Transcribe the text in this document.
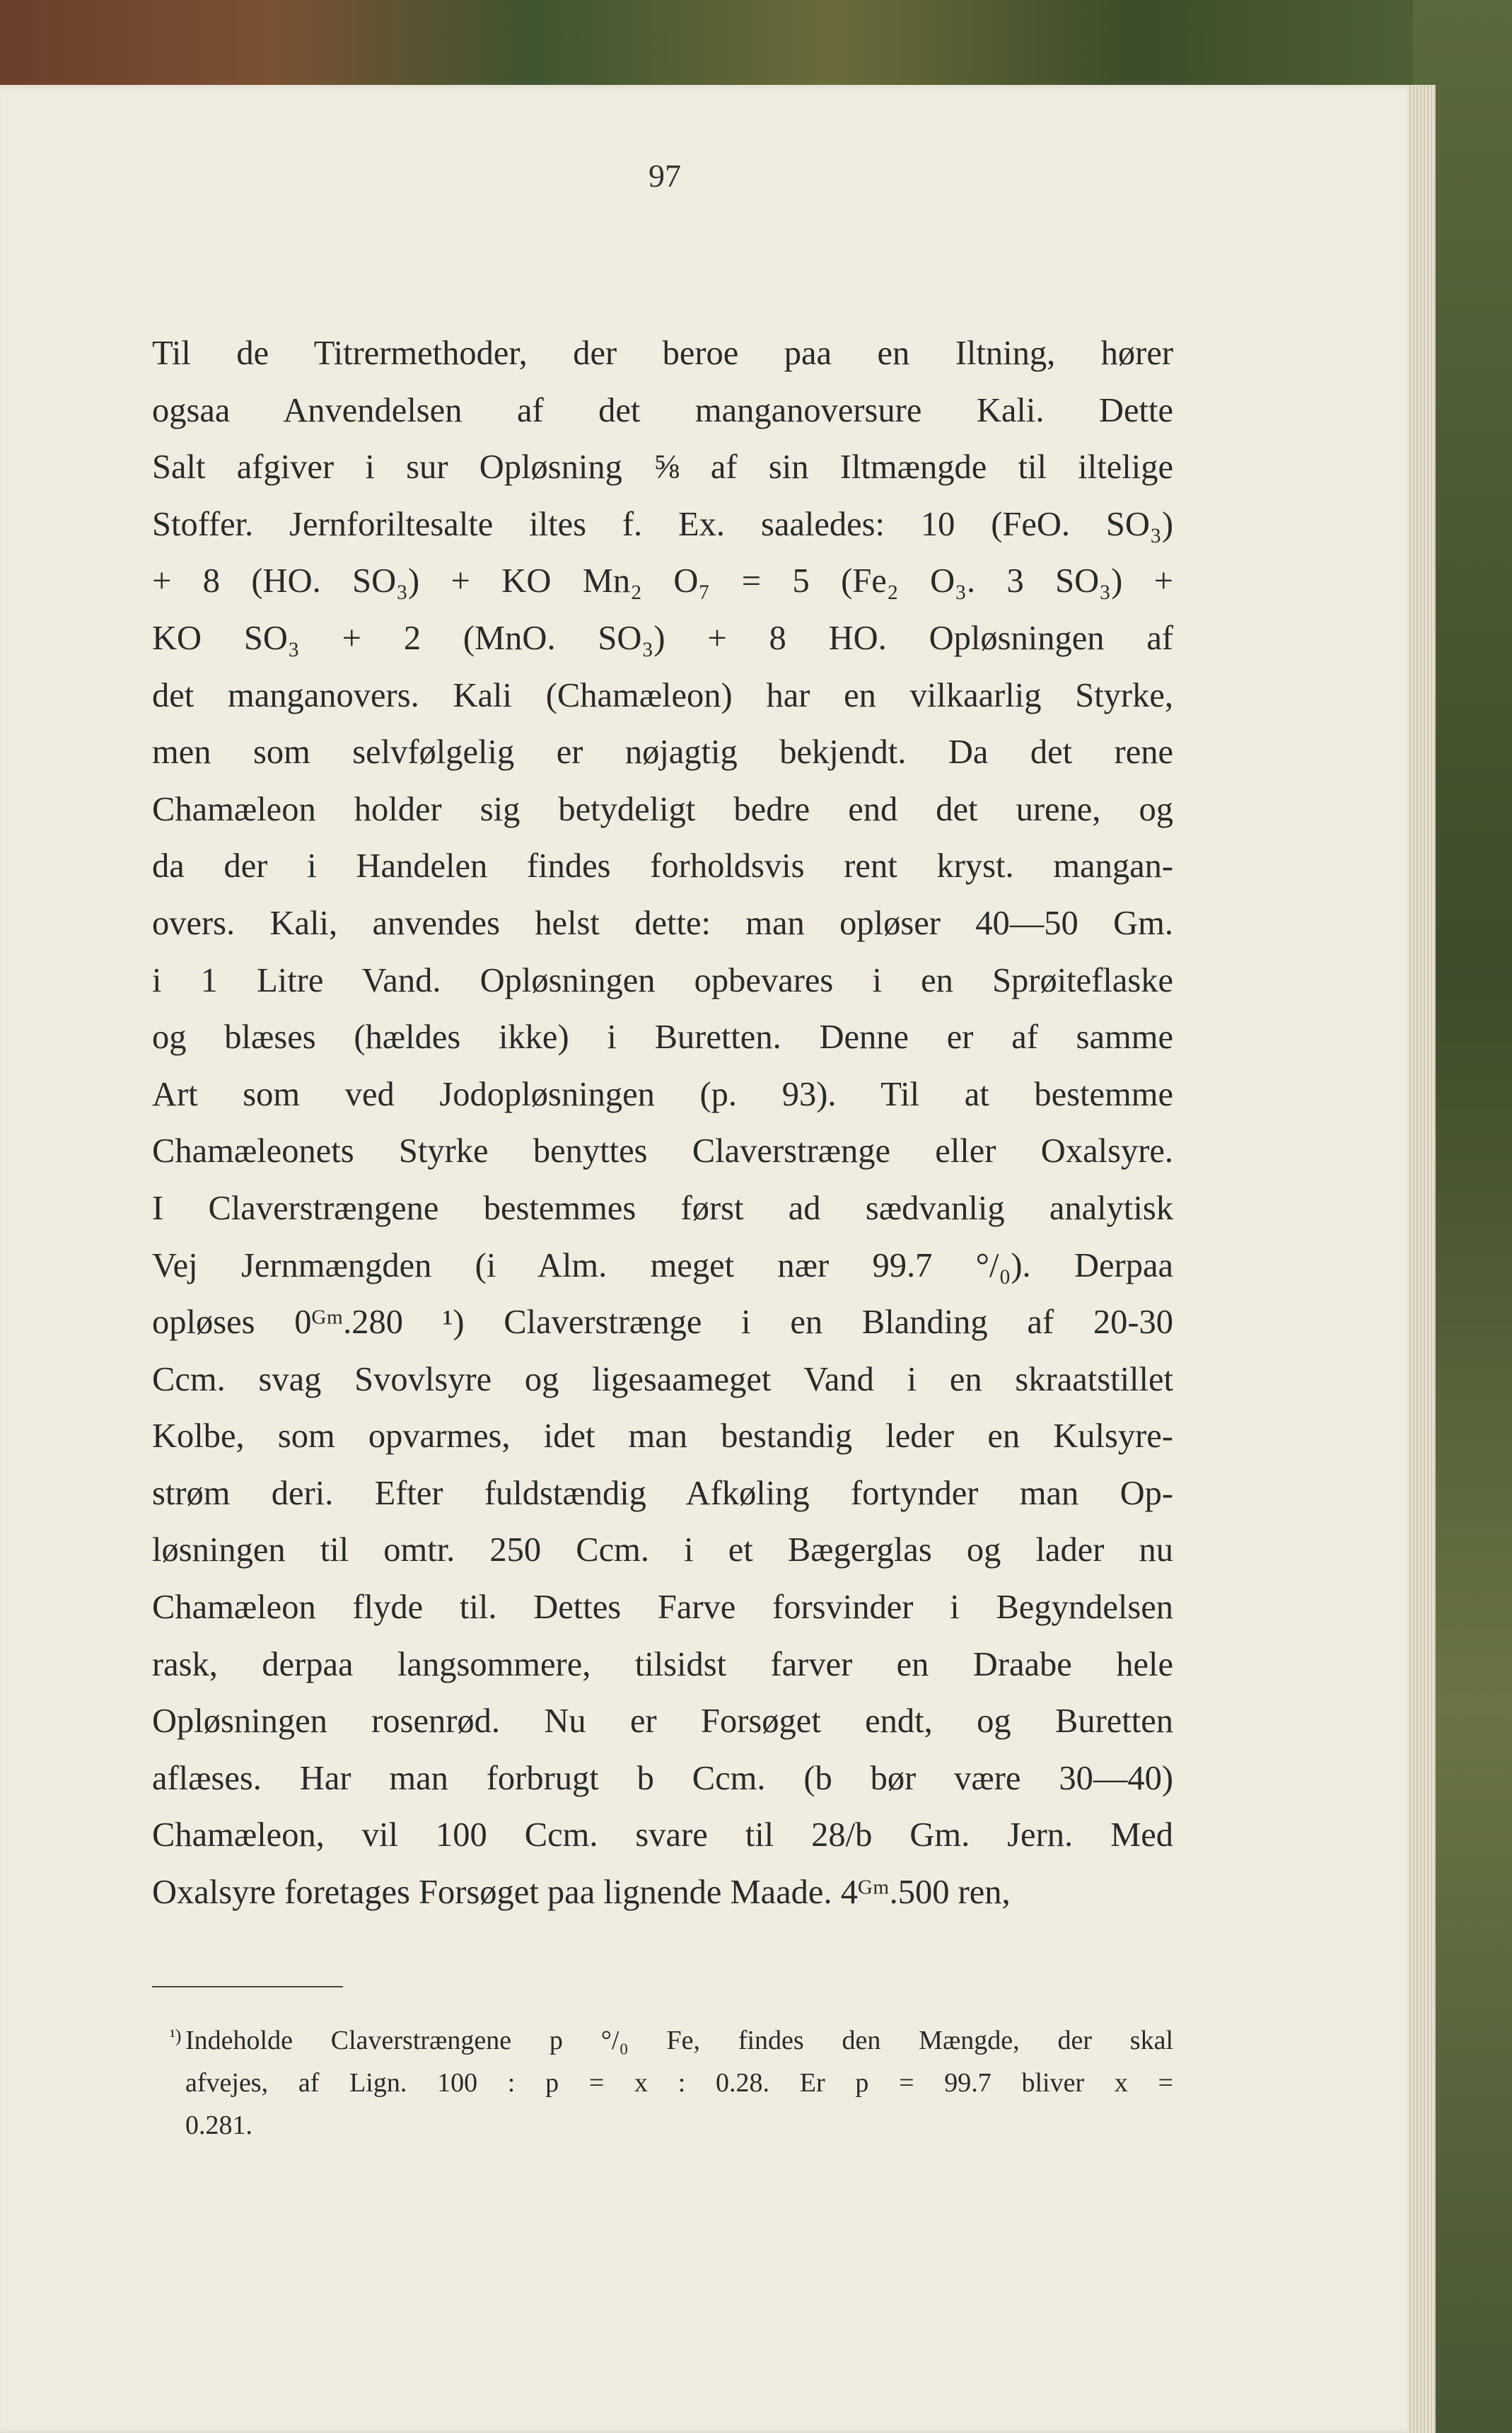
97
Til de Titrermethoder, der beroe paa en Iltning, hører
ogsaa Anvendelsen af det manganoversure Kali. Dette
Salt afgiver i sur Opløsning ⅝ af sin Iltmængde til iltelige
Stoffer. Jernforiltesalte iltes f. Ex. saaledes: 10 (FeO. SO₃)
+ 8 (HO. SO₃) + KO Mn₂ O₇ = 5 (Fe₂ O₃. 3 SO₃) +
KO SO₃ + 2 (MnO. SO₃) + 8 HO. Opløsningen af
det manganovers. Kali (Chamæleon) har en vilkaarlig Styrke,
men som selvfølgelig er nøjagtig bekjendt. Da det rene
Chamæleon holder sig betydeligt bedre end det urene, og
da der i Handelen findes forholdsvis rent kryst. mangan-
overs. Kali, anvendes helst dette: man opløser 40—50 Gm.
i 1 Litre Vand. Opløsningen opbevares i en Sprøiteflaske
og blæses (hældes ikke) i Buretten. Denne er af samme
Art som ved Jodopløsningen (p. 93). Til at bestemme
Chamæleonets Styrke benyttes Claverstrænge eller Oxalsyre.
I Claverstrængene bestemmes først ad sædvanlig analytisk
Vej Jernmængden (i Alm. meget nær 99.7 °/₀). Derpaa
opløses 0ᴳᵐ.280 ¹) Claverstrænge i en Blanding af 20-30
Ccm. svag Svovlsyre og ligesaameget Vand i en skraatstillet
Kolbe, som opvarmes, idet man bestandig leder en Kulsyre-
strøm deri. Efter fuldstændig Afkøling fortynder man Op-
løsningen til omtr. 250 Ccm. i et Bægerglas og lader nu
Chamæleon flyde til. Dettes Farve forsvinder i Begyndelsen
rask, derpaa langsommere, tilsidst farver en Draabe hele
Opløsningen rosenrød. Nu er Forsøget endt, og Buretten
aflæses. Har man forbrugt b Ccm. (b bør være 30—40)
Chamæleon, vil 100 Ccm. svare til 28/b Gm. Jern. Med
Oxalsyre foretages Forsøget paa lignende Maade. 4ᴳᵐ.500 ren,
¹) Indeholde Claverstrængene p °/₀ Fe, findes den Mængde, der skal
afvejes, af Lign. 100 : p = x : 0.28. Er p = 99.7 bliver x =
0.281.
